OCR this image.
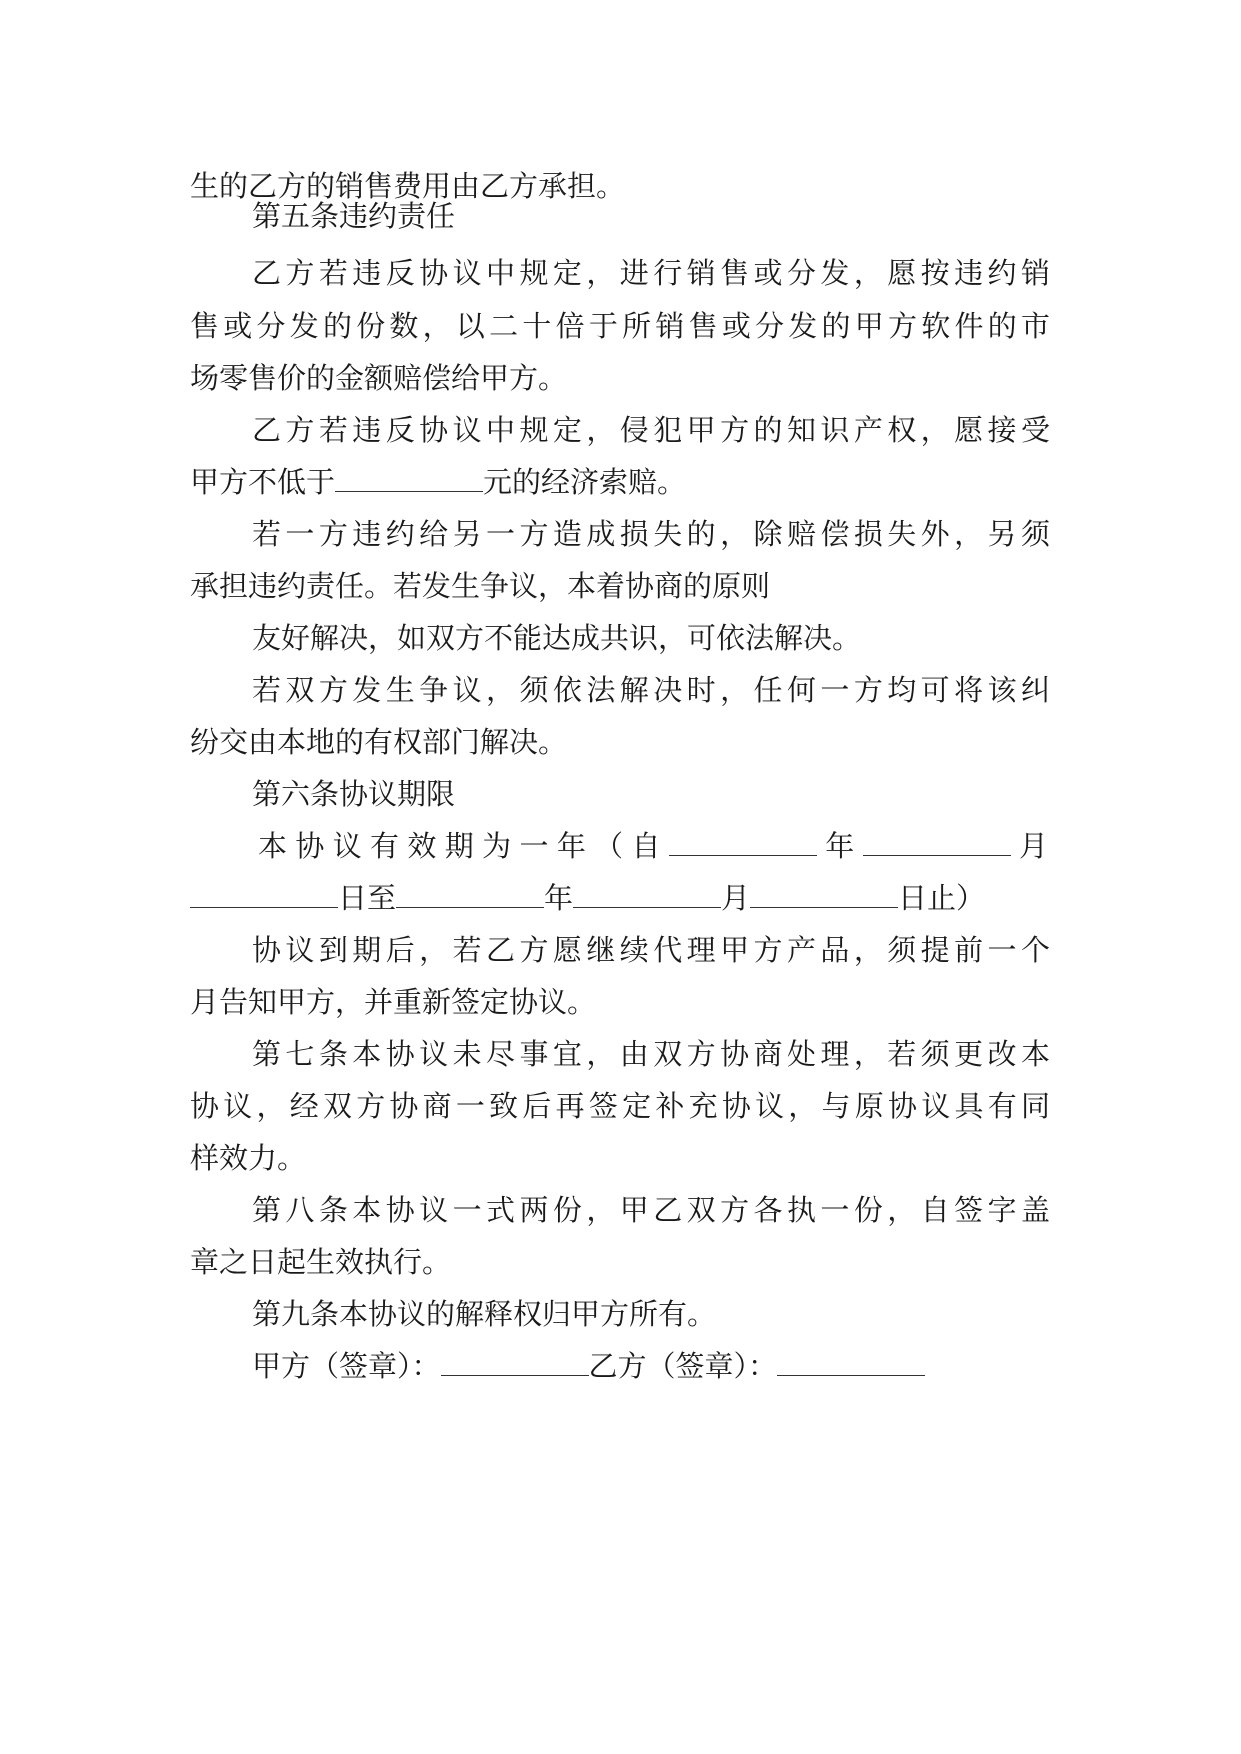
生的乙方的销售费用由乙方承担。

第五条违约责任

乙方若违反协议中规定，进行销售或分发，愿按违约销

售或分发的份数，以二十倍于所销售或分发的甲方软件的市

场零售价的金额赔偿给甲方。

乙方若违反协议中规定，侵犯甲方的知识产权，愿接受

甲方不低于	元的经济索赔。

若一方违约给另一方造成损失的，除赔偿损失外，另须

承担违约责任。若发生争议，本着协商的原则

友好解决，如双方不能达成共识，可依法解决。

若双方发生争议，须依法解决时，任何一方均可将该纠

纷交由本地的有权部门解决。

第六条协议期限

本协议有效期为一年（自	年	月

日至	年	月	日止）

协议到期后，若乙方愿继续代理甲方产品，须提前一个

月告知甲方，并重新签定协议。

第七条本协议未尽事宜，由双方协商处理，若须更改本

协议，经双方协商一致后再签定补充协议，与原协议具有同

样效力。

第八条本协议一式两份，甲乙双方各执一份，自签字盖

章之日起生效执行。

第九条本协议的解释权归甲方所有。

甲方（签章）：	乙方（签章）：
